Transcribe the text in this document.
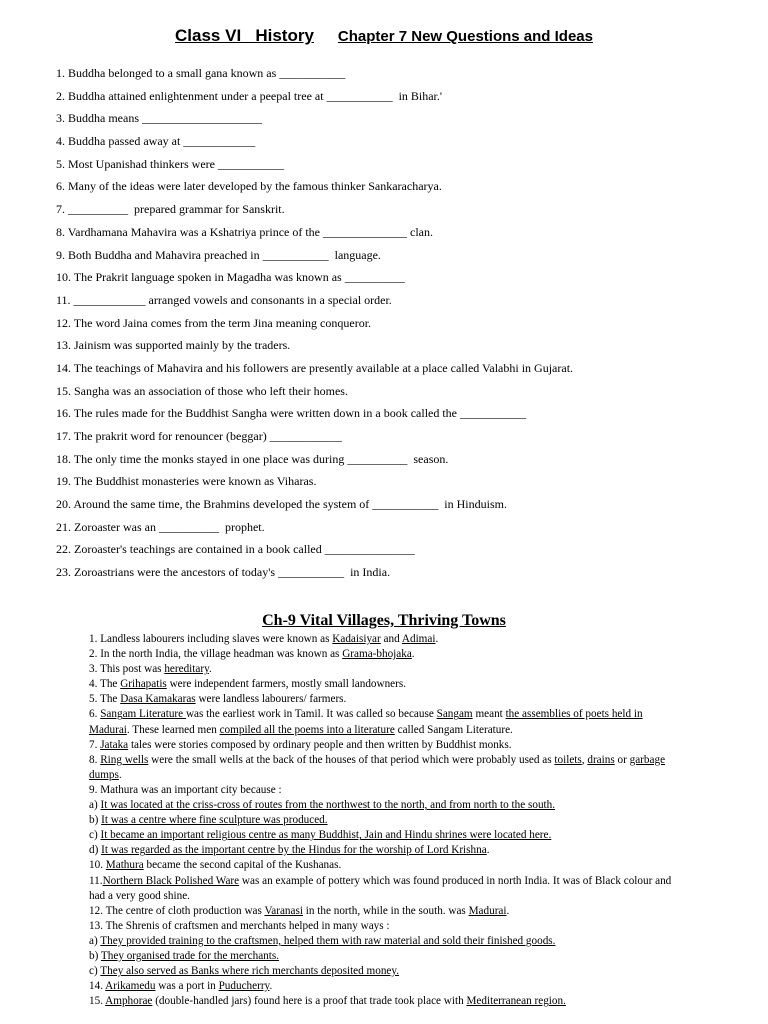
Class VI   History Chapter 7 New Questions and Ideas
1. Buddha belonged to a small gana known as ___________
2. Buddha attained enlightenment under a peepal tree at ___________  in Bihar.'
3. Buddha means ____________________
4. Buddha passed away at ____________
5. Most Upanishad thinkers were ___________
6. Many of the ideas were later developed by the famous thinker Sankaracharya.
7. __________  prepared grammar for Sanskrit.
8. Vardhamana Mahavira was a Kshatriya prince of the ______________ clan.
9. Both Buddha and Mahavira preached in ___________  language.
10. The Prakrit language spoken in Magadha was known as __________
11. ____________ arranged vowels and consonants in a special order.
12. The word Jaina comes from the term Jina meaning conqueror.
13. Jainism was supported mainly by the traders.
14. The teachings of Mahavira and his followers are presently available at a place called Valabhi in Gujarat.
15. Sangha was an association of those who left their homes.
16. The rules made for the Buddhist Sangha were written down in a book called the ___________
17. The prakrit word for renouncer (beggar) ____________
18. The only time the monks stayed in one place was during __________  season.
19. The Buddhist monasteries were known as Viharas.
20. Around the same time, the Brahmins developed the system of ___________  in Hinduism.
21. Zoroaster was an __________  prophet.
22. Zoroaster's teachings are contained in a book called _______________
23. Zoroastrians were the ancestors of today's ___________  in India.
Ch-9 Vital Villages, Thriving Towns
1. Landless labourers including slaves were known as Kadaisiyar and Adimai.
2. In the north India, the village headman was known as Grama-bhojaka.
3. This post was hereditary.
4. The Grihapatis were independent farmers, mostly small landowners.
5. The Dasa Kamakaras were landless labourers/ farmers.
6. Sangam Literature was the earliest work in Tamil. It was called so because Sangam meant the assemblies of poets held in Madurai. These learned men compiled all the poems into a literature called Sangam Literature.
7. Jataka tales were stories composed by ordinary people and then written by Buddhist monks.
8. Ring wells were the small wells at the back of the houses of that period which were probably used as toilets, drains or garbage dumps.
9. Mathura was an important city because :
a) It was located at the criss-cross of routes from the northwest to the north, and from north to the south.
b) It was a centre where fine sculpture was produced.
c) It became an important religious centre as many Buddhist, Jain and Hindu shrines were located here.
d) It was regarded as the important centre by the Hindus for the worship of Lord Krishna.
10. Mathura became the second capital of the Kushanas.
11.Northern Black Polished Ware was an example of pottery which was found produced in north India. It was of Black colour and had a very good shine.
12. The centre of cloth production was Varanasi in the north, while in the south. was Madurai.
13. The Shrenis of craftsmen and merchants helped in many ways :
a) They provided training to the craftsmen, helped them with raw material and sold their finished goods.
b) They organised trade for the merchants.
c) They also served as Banks where rich merchants deposited money.
14. Arikamedu was a port in Puducherry.
15. Amphorae (double-handled jars) found here is a proof that trade took place with Mediterranean region.
